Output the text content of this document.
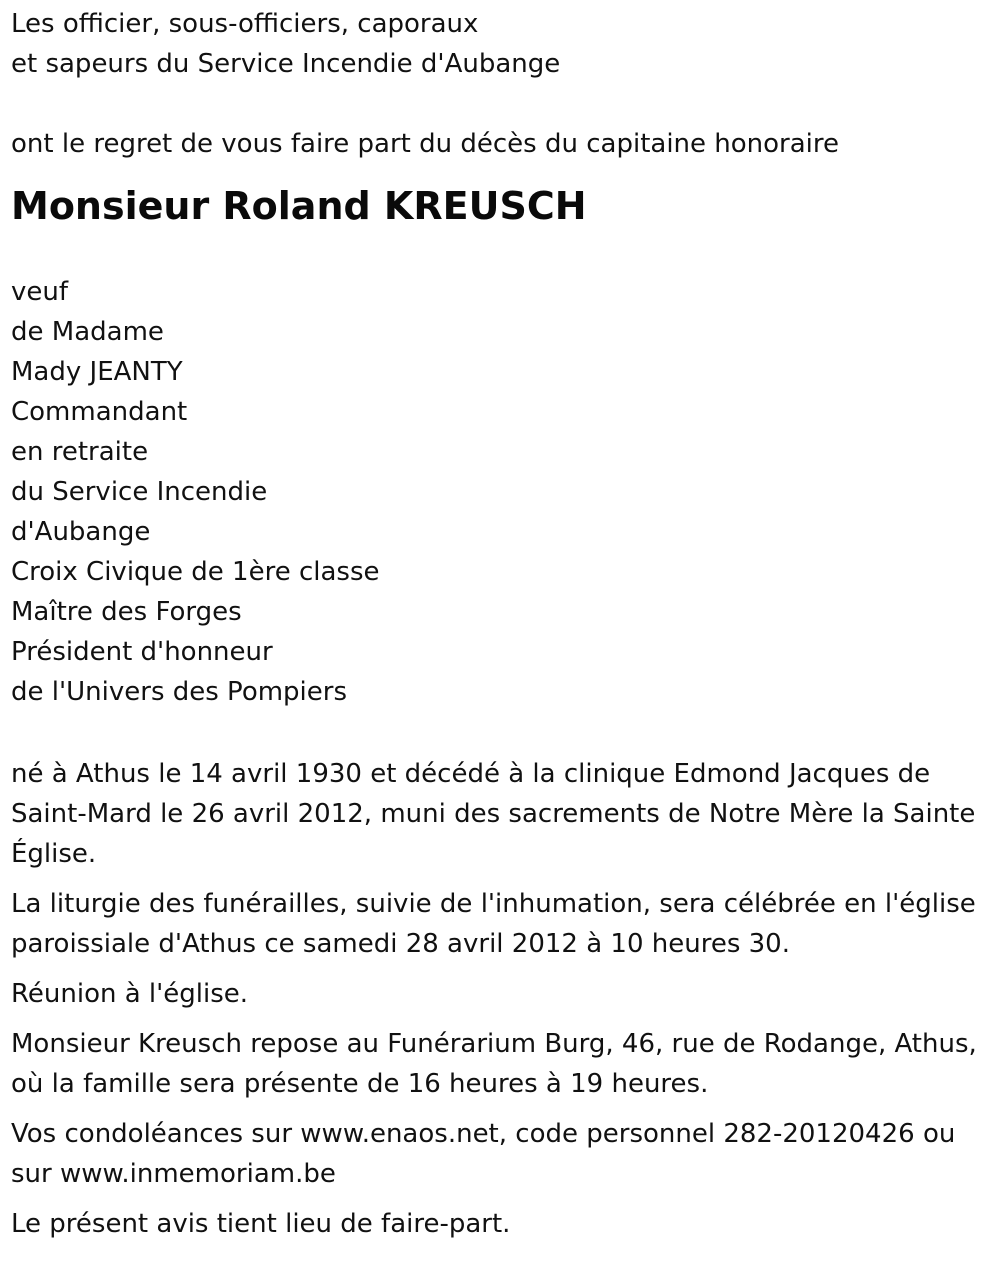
Les officier, sous-officiers, caporaux
et sapeurs du Service Incendie d'Aubange
ont le regret de vous faire part du décès du capitaine honoraire
Monsieur Roland KREUSCH
veuf
de Madame
Mady JEANTY
Commandant
en retraite
du Service Incendie
d'Aubange
Croix Civique de 1ère classe
Maître des Forges
Président d'honneur
de l'Univers des Pompiers

né à Athus le 14 avril 1930 et décédé à la clinique Edmond Jacques de Saint-Mard le 26 avril 2012, muni des sacrements de Notre Mère la Sainte Église.

La liturgie des funérailles, suivie de l'inhumation, sera célébrée en l'église paroissiale d'Athus ce samedi 28 avril 2012 à 10 heures 30.

Réunion à l'église.

Monsieur Kreusch repose au Funérarium Burg, 46, rue de Rodange, Athus, où la famille sera présente de 16 heures à 19 heures.

Vos condoléances sur www.enaos.net, code personnel 282-20120426 ou sur www.inmemoriam.be

Le présent avis tient lieu de faire-part.
